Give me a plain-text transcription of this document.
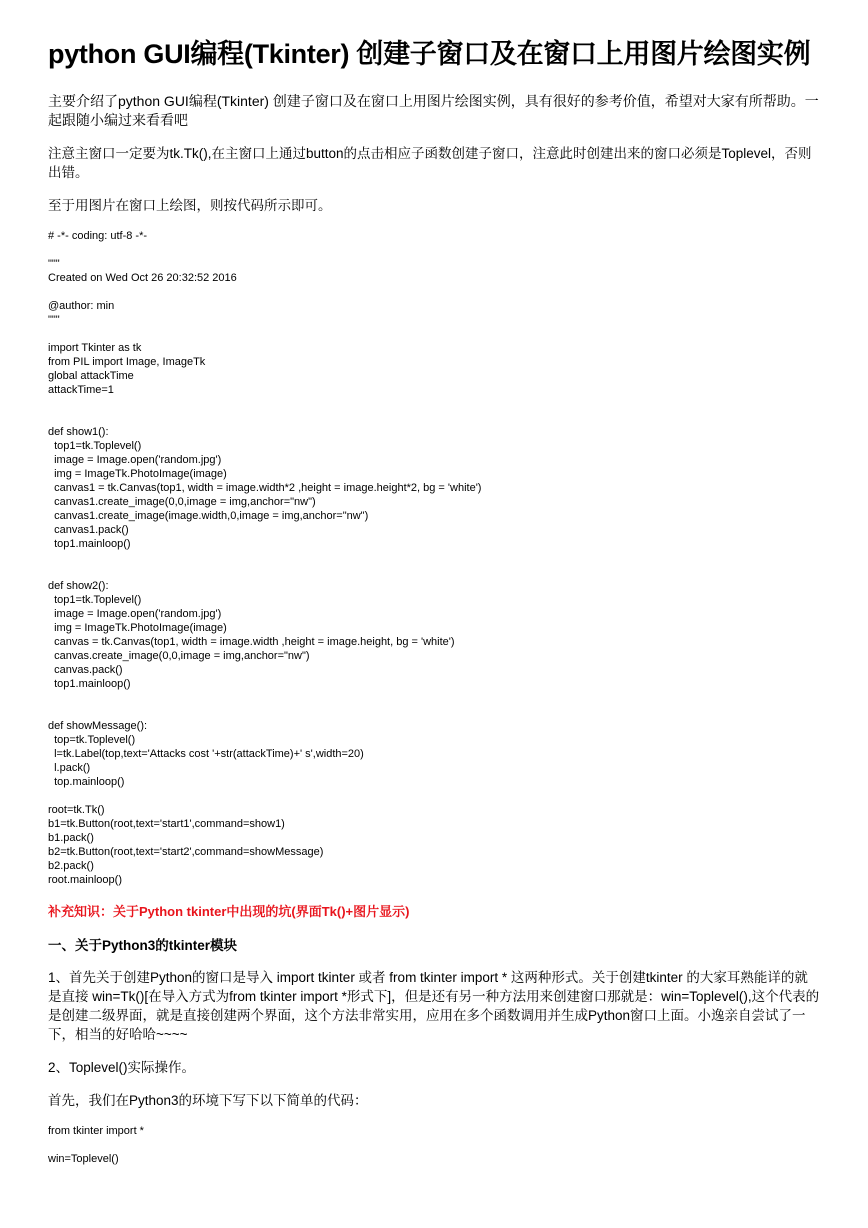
python GUI编程(Tkinter) 创建子窗口及在窗口上用图片绘图实例
主要介绍了python GUI编程(Tkinter) 创建子窗口及在窗口上用图片绘图实例，具有很好的参考价值，希望对大家有所帮助。一起跟随小编过来看看吧
注意主窗口一定要为tk.Tk(),在主窗口上通过button的点击相应子函数创建子窗口，注意此时创建出来的窗口必须是Toplevel，否则出错。
至于用图片在窗口上绘图，则按代码所示即可。
# -*- coding: utf-8 -*-
"""
Created on Wed Oct 26 20:32:52 2016

@author: min
"""
import Tkinter as tk
from PIL import Image, ImageTk
global attackTime
attackTime=1
def show1():
top1=tk.Toplevel()
image = Image.open('random.jpg')
img = ImageTk.PhotoImage(image)
canvas1 = tk.Canvas(top1, width = image.width*2 ,height = image.height*2, bg = 'white')
canvas1.create_image(0,0,image = img,anchor="nw")
canvas1.create_image(image.width,0,image = img,anchor="nw")
canvas1.pack()
top1.mainloop()
def show2():
top1=tk.Toplevel()
image = Image.open('random.jpg')
img = ImageTk.PhotoImage(image)
canvas = tk.Canvas(top1, width = image.width ,height = image.height, bg = 'white')
canvas.create_image(0,0,image = img,anchor="nw")
canvas.pack()
top1.mainloop()
def showMessage():
top=tk.Toplevel()
l=tk.Label(top,text='Attacks cost '+str(attackTime)+' s',width=20)
l.pack()
top.mainloop()
root=tk.Tk()
b1=tk.Button(root,text='start1',command=show1)
b1.pack()
b2=tk.Button(root,text='start2',command=showMessage)
b2.pack()
root.mainloop()
补充知识：关于Python tkinter中出现的坑(界面Tk()+图片显示)
一、关于Python3的tkinter模块
1、首先关于创建Python的窗口是导入 import tkinter 或者 from tkinter import * 这两种形式。关于创建tkinter 的大家耳熟能详的就是直接 win=Tk()[在导入方式为from tkinter import *形式下]，但是还有另一种方法用来创建窗口那就是：win=Toplevel(),这个代表的是创建二级界面，就是直接创建两个界面，这个方法非常实用，应用在多个函数调用并生成Python窗口上面。小逸亲自尝试了一下，相当的好哈哈~~~~
2、Toplevel()实际操作。
首先，我们在Python3的环境下写下以下简单的代码：
from tkinter import *
win=Toplevel()
